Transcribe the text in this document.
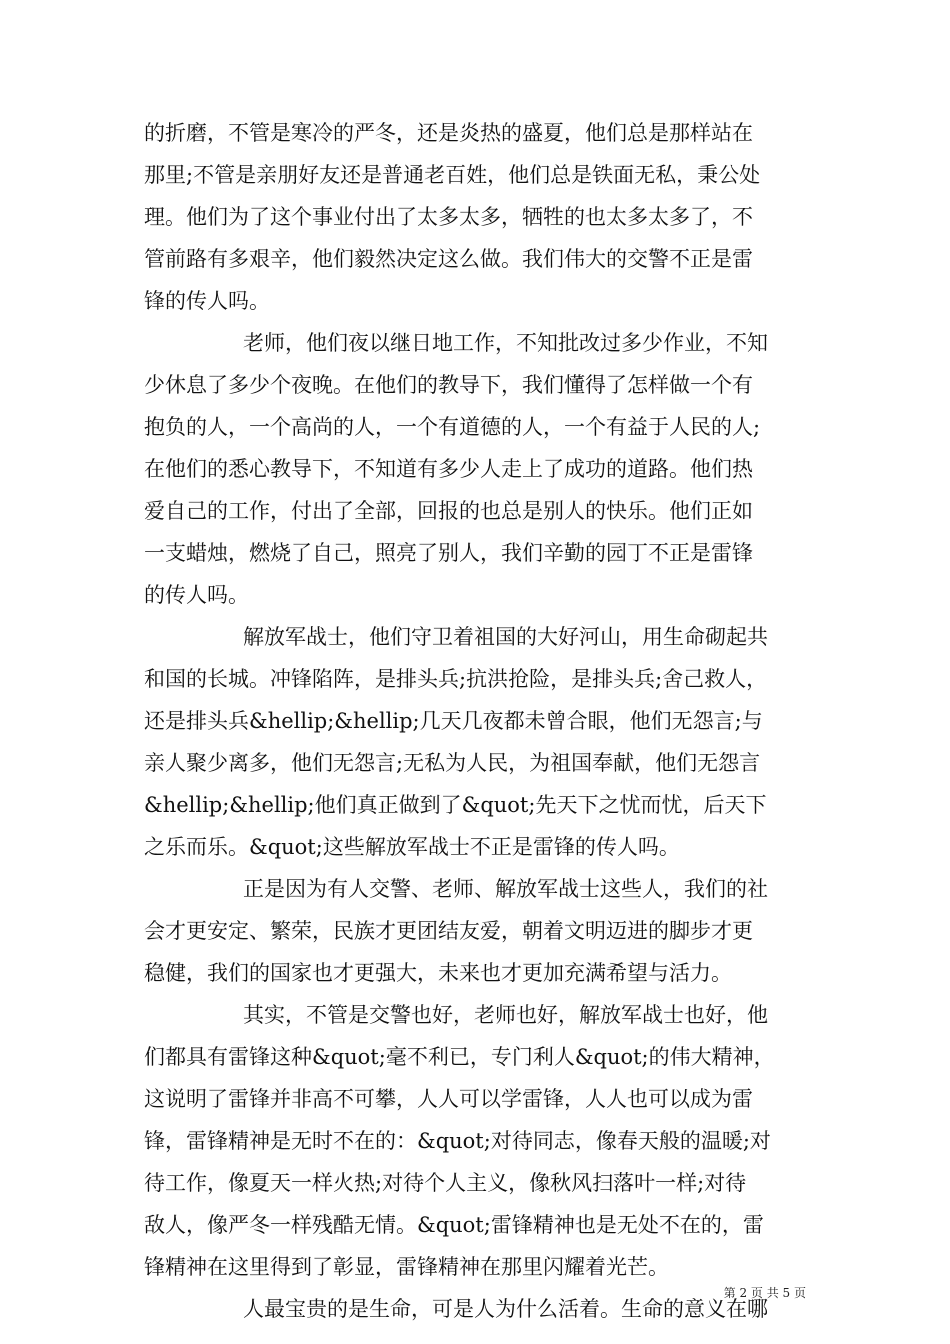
的折磨，不管是寒冷的严冬，还是炎热的盛夏，他们总是那样站在
那里;不管是亲朋好友还是普通老百姓，他们总是铁面无私，秉公处
理。他们为了这个事业付出了太多太多，牺牲的也太多太多了，不
管前路有多艰辛，他们毅然决定这么做。我们伟大的交警不正是雷
锋的传人吗。
老师，他们夜以继日地工作，不知批改过多少作业，不知
少休息了多少个夜晚。在他们的教导下，我们懂得了怎样做一个有
抱负的人，一个高尚的人，一个有道德的人，一个有益于人民的人;
在他们的悉心教导下，不知道有多少人走上了成功的道路。他们热
爱自己的工作，付出了全部，回报的也总是别人的快乐。他们正如
一支蜡烛，燃烧了自己，照亮了别人，我们辛勤的园丁不正是雷锋
的传人吗。
解放军战士，他们守卫着祖国的大好河山，用生命砌起共
和国的长城。冲锋陷阵，是排头兵;抗洪抢险，是排头兵;舍己救人，
还是排头兵&hellip;&hellip;几天几夜都未曾合眼，他们无怨言;与
亲人聚少离多，他们无怨言;无私为人民，为祖国奉献，他们无怨言
&hellip;&hellip;他们真正做到了&quot;先天下之忧而忧，后天下
之乐而乐。&quot;这些解放军战士不正是雷锋的传人吗。
正是因为有人交警、老师、解放军战士这些人，我们的社
会才更安定、繁荣，民族才更团结友爱，朝着文明迈进的脚步才更
稳健，我们的国家也才更强大，未来也才更加充满希望与活力。
其实，不管是交警也好，老师也好，解放军战士也好，他
们都具有雷锋这种&quot;毫不利已，专门利人&quot;的伟大精神，
这说明了雷锋并非高不可攀，人人可以学雷锋，人人也可以成为雷
锋，雷锋精神是无时不在的：&quot;对待同志，像春天般的温暖;对
待工作，像夏天一样火热;对待个人主义，像秋风扫落叶一样;对待
敌人，像严冬一样残酷无情。&quot;雷锋精神也是无处不在的，雷
锋精神在这里得到了彰显，雷锋精神在那里闪耀着光芒。
人最宝贵的是生命，可是人为什么活着。生命的意义在哪
第 2 页 共 5 页
